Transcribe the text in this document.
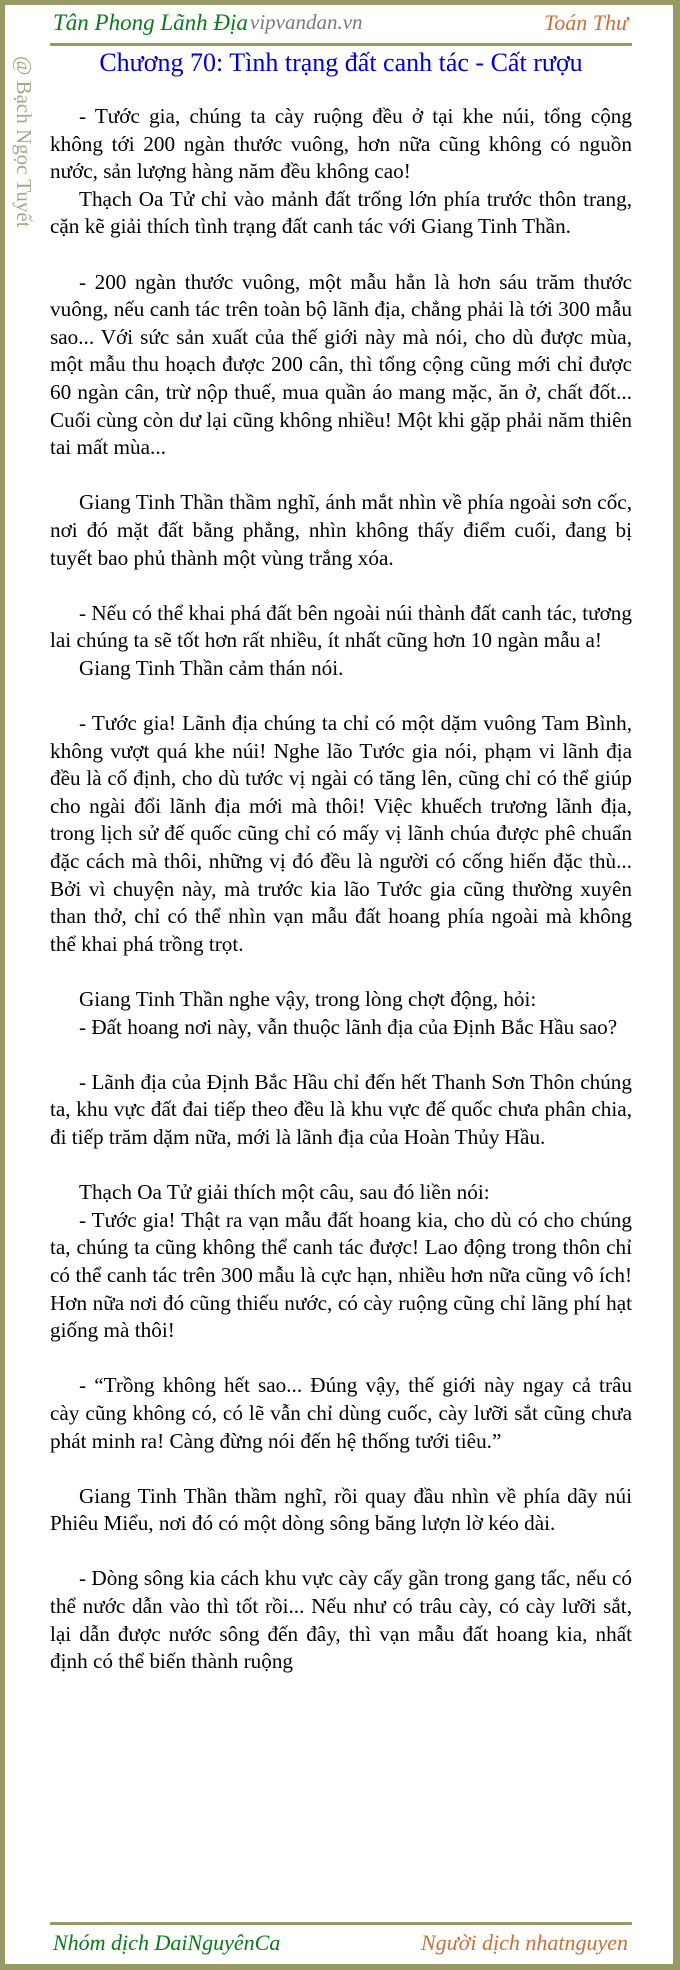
Tân Phong Lãnh Địa vipvandan.vn	Toán Thư
@ Bạch Ngọc Tuyết	Chương 70: Tình trạng đất canh tác - Cất rượu

- Tước gia, chúng ta cày ruộng đều ở tại khe núi, tổng cộng không tới 200 ngàn thước vuông, hơn nữa cũng không có nguồn nước, sản lượng hàng năm đều không cao!

Thạch Oa Tử chỉ vào mảnh đất trống lớn phía trước thôn trang, cặn kẽ giải thích tình trạng đất canh tác với Giang Tinh Thần.

- 200 ngàn thước vuông, một mẫu hẳn là hơn sáu trăm thước vuông, nếu canh tác trên toàn bộ lãnh địa, chẳng phải là tới 300 mẫu sao... Với sức sản xuất của thế giới này mà nói, cho dù được mùa, một mẫu thu hoạch được 200 cân, thì tổng cộng cũng mới chỉ được 60 ngàn cân, trừ nộp thuế, mua quần áo mang mặc, ăn ở, chất đốt... Cuối cùng còn dư lại cũng không nhiều! Một khi gặp phải năm thiên tai mất mùa...

Giang Tinh Thần thầm nghĩ, ánh mắt nhìn về phía ngoài sơn cốc, nơi đó mặt đất bằng phẳng, nhìn không thấy điểm cuối, đang bị tuyết bao phủ thành một vùng trắng xóa.

- Nếu có thể khai phá đất bên ngoài núi thành đất canh tác, tương lai chúng ta sẽ tốt hơn rất nhiều, ít nhất cũng hơn 10 ngàn mẫu a!

Giang Tinh Thần cảm thán nói.

- Tước gia! Lãnh địa chúng ta chỉ có một dặm vuông Tam Bình, không vượt quá khe núi! Nghe lão Tước gia nói, phạm vi lãnh địa đều là cố định, cho dù tước vị ngài có tăng lên, cũng chỉ có thể giúp cho ngài đổi lãnh địa mới mà thôi! Việc khuếch trương lãnh địa, trong lịch sử đế quốc cũng chỉ có mấy vị lãnh chúa được phê chuẩn đặc cách mà thôi, những vị đó đều là người có cống hiến đặc thù... Bởi vì chuyện này, mà trước kia lão Tước gia cũng thường xuyên than thở, chỉ có thể nhìn vạn mẫu đất hoang phía ngoài mà không thể khai phá trồng trọt.

Giang Tinh Thần nghe vậy, trong lòng chợt động, hỏi:

- Đất hoang nơi này, vẫn thuộc lãnh địa của Định Bắc Hầu sao?

- Lãnh địa của Định Bắc Hầu chỉ đến hết Thanh Sơn Thôn chúng ta, khu vực đất đai tiếp theo đều là khu vực đế quốc chưa phân chia, đi tiếp trăm dặm nữa, mới là lãnh địa của Hoàn Thủy Hầu.

Thạch Oa Tử giải thích một câu, sau đó liền nói:

- Tước gia! Thật ra vạn mẫu đất hoang kia, cho dù có cho chúng ta, chúng ta cũng không thể canh tác được! Lao động trong thôn chỉ có thể canh tác trên 300 mẫu là cực hạn, nhiều hơn nữa cũng vô ích! Hơn nữa nơi đó cũng thiếu nước, có cày ruộng cũng chỉ lãng phí hạt giống mà thôi!

- “Trồng không hết sao... Đúng vậy, thế giới này ngay cả trâu cày cũng không có, có lẽ vẫn chỉ dùng cuốc, cày lưỡi sắt cũng chưa phát minh ra! Càng đừng nói đến hệ thống tưới tiêu.”

Giang Tinh Thần thầm nghĩ, rồi quay đầu nhìn về phía dãy núi Phiêu Miểu, nơi đó có một dòng sông băng lượn lờ kéo dài.

- Dòng sông kia cách khu vực cày cấy gần trong gang tấc, nếu có thể nước dẫn vào thì tốt rồi... Nếu như có trâu cày, có cày lưỡi sắt, lại dẫn được nước sông đến đây, thì vạn mẫu đất hoang kia, nhất định có thể biến thành ruộng

Nhóm dịch DaiNguyênCa	Người dịch nhatnguyen
